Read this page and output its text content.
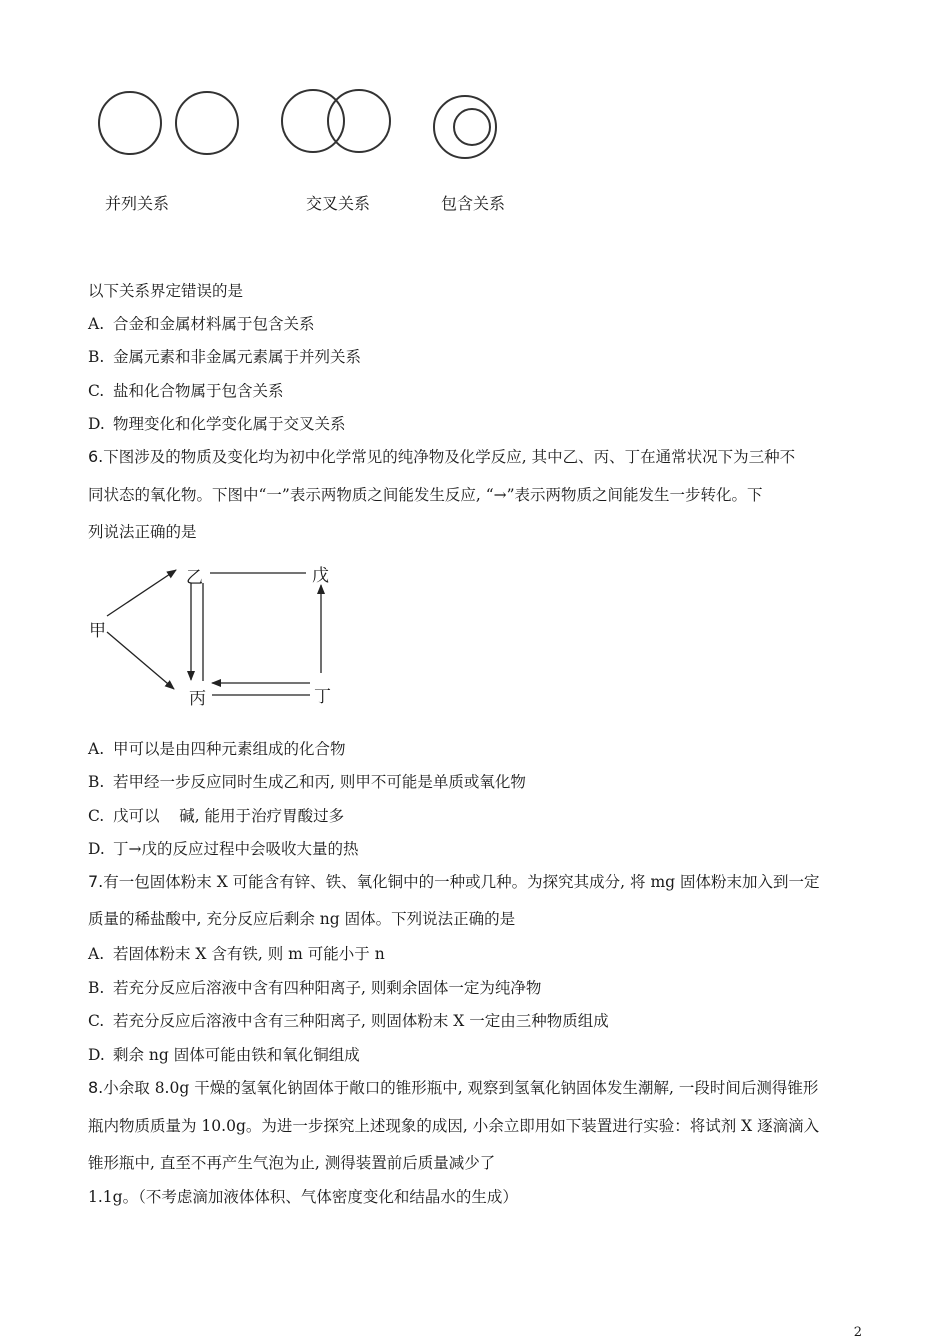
并列关系	交叉关系	包含关系
以下关系界定错误的是
A. 合金和金属材料属于包含关系
B. 金属元素和非金属元素属于并列关系
C. 盐和化合物属于包含关系
D. 物理变化和化学变化属于交叉关系
6.下图涉及的物质及变化均为初中化学常见的纯净物及化学反应, 其中乙、丙、丁在通常状况下为三种不
同状态的氧化物。下图中“一”表示两物质之间能发生反应, “→”表示两物质之间能发生一步转化。下
列说法正确的是
甲
乙	戊
丙	丁
A. 甲可以是由四种元素组成的化合物
B. 若甲经一步反应同时生成乙和丙, 则甲不可能是单质或氧化物
C. 戊可以    碱, 能用于治疗胃酸过多
D. 丁→戊的反应过程中会吸收大量的热
7.有一包固体粉末 X 可能含有锌、铁、氧化铜中的一种或几种。为探究其成分, 将 mg 固体粉末加入到一定
质量的稀盐酸中, 充分反应后剩余 ng 固体。下列说法正确的是
A. 若固体粉末 X 含有铁, 则 m 可能小于 n
B. 若充分反应后溶液中含有四种阳离子, 则剩余固体一定为纯净物
C. 若充分反应后溶液中含有三种阳离子, 则固体粉末 X 一定由三种物质组成
D. 剩余 ng 固体可能由铁和氧化铜组成
8.小余取 8.0g 干燥的氢氧化钠固体于敞口的锥形瓶中, 观察到氢氧化钠固体发生潮解, 一段时间后测得锥形
瓶内物质质量为 10.0g。为进一步探究上述现象的成因, 小余立即用如下装置进行实验：将试剂 X 逐滴滴入
锥形瓶中, 直至不再产生气泡为止, 测得装置前后质量减少了
1.1g。（不考虑滴加液体体积、气体密度变化和结晶水的生成）
2
